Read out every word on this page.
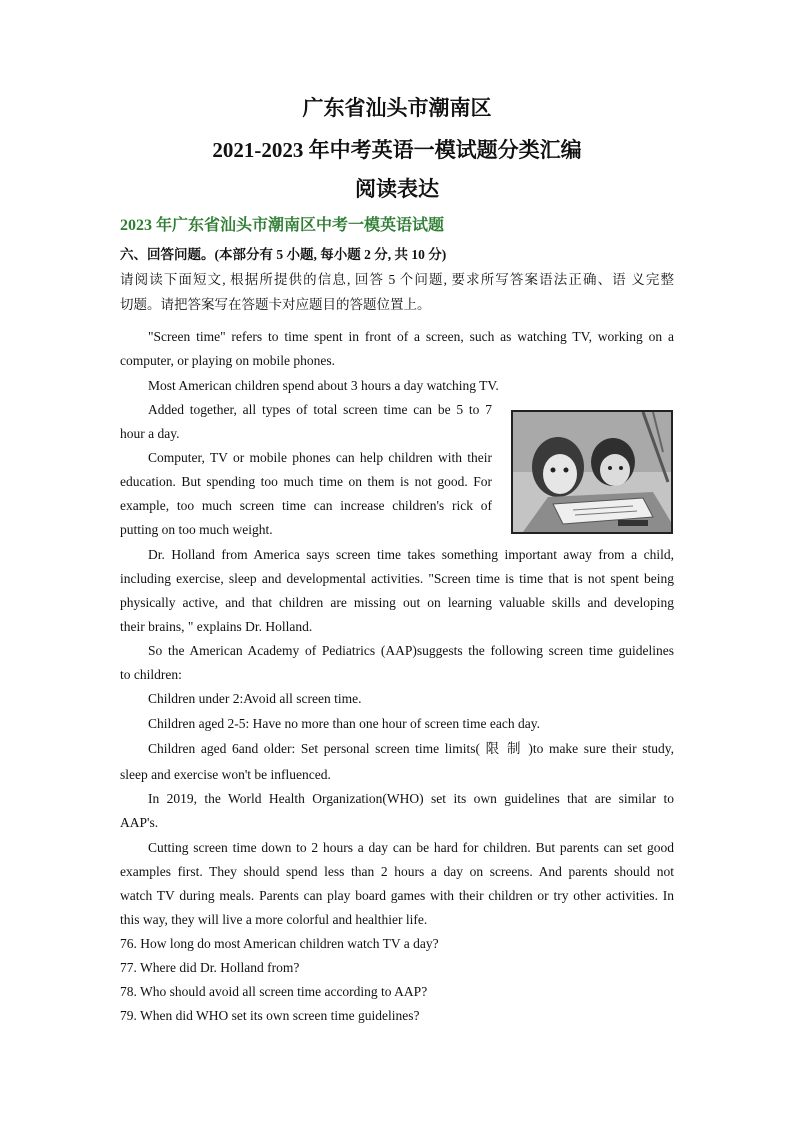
广东省汕头市潮南区
2021-2023 年中考英语一模试题分类汇编
阅读表达
2023 年广东省汕头市潮南区中考一模英语试题
六、回答问题。(本部分有 5 小题, 每小题 2 分, 共 10 分)
请阅读下面短文, 根据所提供的信息, 回答 5 个问题, 要求所写答案语法正确、语 义完整
切题。请把答案写在答题卡对应题目的答题位置上。
"Screen time" refers to time spent in front of a screen, such as watching TV, working on a
computer, or playing on mobile phones.
Most American children spend about 3 hours a day watching TV.
Added together, all types of total screen time can be 5 to 7
hour a day.
Computer, TV or mobile phones can help children with their
education. But spending too much time on them is not good. For
example, too much screen time can increase children's rick of
putting on too much weight.
Dr. Holland from America says screen time takes something important away from a child,
including exercise, sleep and developmental activities. "Screen time is time that is not spent being
physically active, and that children are missing out on learning valuable skills and developing
their brains, " explains Dr. Holland.
So the American Academy of Pediatrics (AAP)suggests the following screen time guidelines
to children:
Children under 2:Avoid all screen time.
Children aged 2-5: Have no more than one hour of screen time each day.
Children aged 6and older: Set personal screen time limits( 限 制 )to make sure their study,
sleep and exercise won't be influenced.
In 2019, the World Health Organization(WHO) set its own guidelines that are similar to
AAP's.
Cutting screen time down to 2 hours a day can be hard for children. But parents can set good
examples first. They should spend less than 2 hours a day on screens. And parents should not
watch TV during meals. Parents can play board games with their children or try other activities. In
this way, they will live a more colorful and healthier life.
76. How long do most American children watch TV a day?
77. Where did Dr. Holland from?
78. Who should avoid all screen time according to AAP?
79. When did WHO set its own screen time guidelines?
